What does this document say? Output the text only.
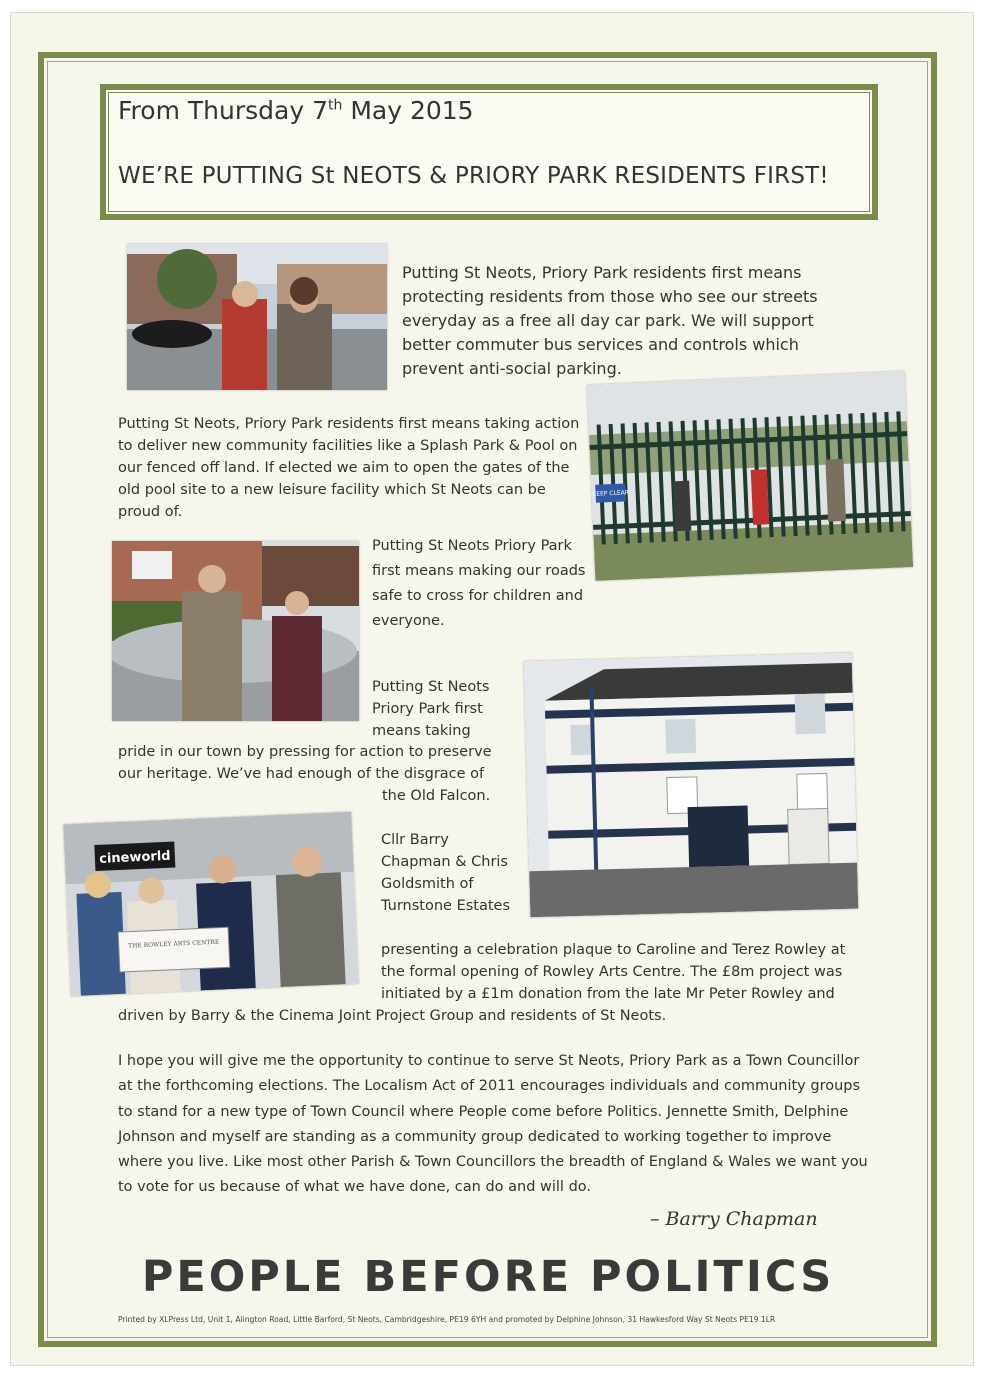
From Thursday 7th May 2015
WE’RE PUTTING St NEOTS & PRIORY PARK RESIDENTS FIRST!
Putting St Neots, Priory Park residents first means protecting residents from those who see our streets everyday as a free all day car park. We will support better commuter bus services and controls which prevent anti-social parking.
KEEP CLEAR
Putting St Neots, Priory Park residents first means taking action to deliver new community facilities like a Splash Park & Pool on our fenced off land. If elected we aim to open the gates of the old pool site to a new leisure facility which St Neots can be proud of.
Putting St Neots Priory Park first means making our roads safe to cross for children and everyone.
Putting St Neots Priory Park first means taking
pride in our town by pressing for action to preserve our heritage. We’ve had enough of the disgrace of
the Old Falcon.
cineworld
THE ROWLEY ARTS CENTRE
Cllr Barry Chapman & Chris Goldsmith of Turnstone Estates
presenting a celebration plaque to Caroline and Terez Rowley at the formal opening of Rowley Arts Centre. The £8m project was initiated by a £1m donation from the late Mr Peter Rowley and
driven by Barry & the Cinema Joint Project Group and residents of St Neots.
I hope you will give me the opportunity to continue to serve St Neots, Priory Park as a Town Councillor at the forthcoming elections. The Localism Act of 2011 encourages individuals and community groups to stand for a new type of Town Council where People come before Politics. Jennette Smith, Delphine Johnson and myself are standing as a community group dedicated to working together to improve where you live. Like most other Parish & Town Councillors the breadth of England & Wales we want you to vote for us because of what we have done, can do and will do.
– Barry Chapman
PEOPLE BEFORE POLITICS
Printed by XLPress Ltd, Unit 1, Alington Road, Little Barford, St Neots, Cambridgeshire, PE19 6YH and promoted by Delphine Johnson, 31 Hawkesford Way St Neots PE19 1LR
